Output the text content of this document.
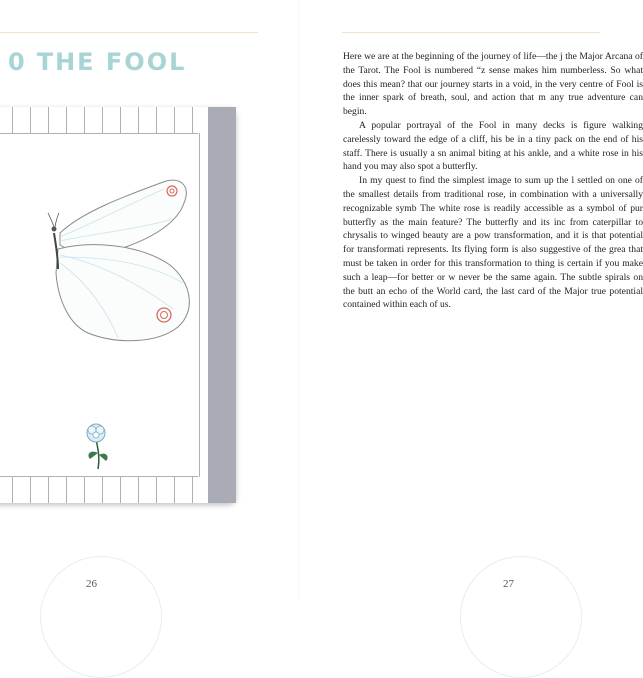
0 THE FOOL
26

Here we are at the beginning of the journey of life—the j the Major Arcana of the Tarot. The Fool is numbered “z sense makes him numberless. So what does this mean? that our journey starts in a void, in the very centre of Fool is the inner spark of breath, soul, and action that m any true adventure can begin.

A popular portrayal of the Fool in many decks is figure walking carelessly toward the edge of a cliff, his be in a tiny pack on the end of his staff. There is usually a sn animal biting at his ankle, and a white rose in his hand you may also spot a butterfly.

In my quest to find the simplest image to sum up the l settled on one of the smallest details from traditional rose, in combination with a universally recognizable symb The white rose is readily accessible as a symbol of pur butterfly as the main feature? The butterfly and its inc from caterpillar to chrysalis to winged beauty are a pow transformation, and it is that potential for transformati represents. Its flying form is also suggestive of the grea that must be taken in order for this transformation to thing is certain if you make such a leap—for better or w never be the same again. The subtle spirals on the butt an echo of the World card, the last card of the Major true potential contained within each of us.

27
